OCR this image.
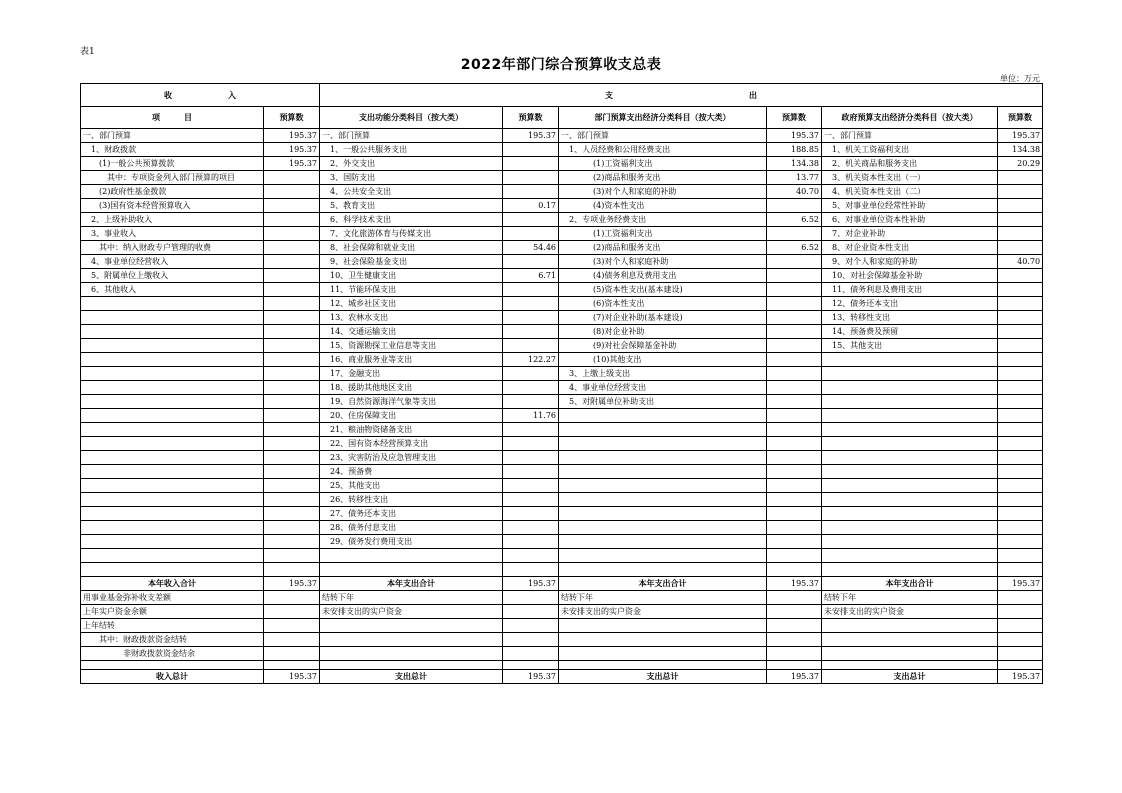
表1
2022年部门综合预算收支总表
单位：万元
收　　　　　　　入		支　　　　　　　　　　　　　　　　　出					
项　　　目	预算数	支出功能分类科目（按大类）	预算数	部门预算支出经济分类科目（按大类）	预算数	政府预算支出经济分类科目（按大类）	预算数
一、部门预算	195.37	一、部门预算	195.37	一、部门预算	195.37	一、部门预算	195.37
　1、财政拨款	195.37	　1、一般公共服务支出		　1、人员经费和公用经费支出	188.85	　1、机关工资福利支出	134.38
　　(1)一般公共预算拨款	195.37	　2、外交支出		　　　　(1)工资福利支出	134.38	　2、机关商品和服务支出	20.29
　　　其中：专项资金列入部门预算的项目		　3、国防支出		　　　　(2)商品和服务支出	13.77	　3、机关资本性支出（一）	
　　(2)政府性基金拨款		　4、公共安全支出		　　　　(3)对个人和家庭的补助	40.70	　4、机关资本性支出（二）	
　　(3)国有资本经营预算收入		　5、教育支出	0.17	　　　　(4)资本性支出		　5、对事业单位经常性补助	
　2、上级补助收入		　6、科学技术支出		　2、专项业务经费支出	6.52	　6、对事业单位资本性补助	
　3、事业收入		　7、文化旅游体育与传媒支出		　　　　(1)工资福利支出		　7、对企业补助	
　　其中：纳入财政专户管理的收费		　8、社会保障和就业支出	54.46	　　　　(2)商品和服务支出	6.52	　8、对企业资本性支出	
　4、事业单位经营收入		　9、社会保险基金支出		　　　　(3)对个人和家庭补助		　9、对个人和家庭的补助	40.70
　5、附属单位上缴收入		　10、卫生健康支出	6.71	　　　　(4)债务利息及费用支出		　10、对社会保障基金补助	
　6、其他收入		　11、节能环保支出		　　　　(5)资本性支出(基本建设)		　11、债务利息及费用支出	
		　12、城乡社区支出		　　　　(6)资本性支出		　12、债务还本支出	
		　13、农林水支出		　　　　(7)对企业补助(基本建设)		　13、转移性支出	
		　14、交通运输支出		　　　　(8)对企业补助		　14、预备费及预留	
		　15、资源勘探工业信息等支出		　　　　(9)对社会保障基金补助		　15、其他支出	
		　16、商业服务业等支出	122.27	　　　　(10)其他支出			
		　17、金融支出		　3、上缴上级支出			
		　18、援助其他地区支出		　4、事业单位经营支出			
		　19、自然资源海洋气象等支出		　5、对附属单位补助支出			
		　20、住房保障支出	11.76				
		　21、粮油物资储备支出					
		　22、国有资本经营预算支出					
		　23、灾害防治及应急管理支出					
		　24、预备费					
		　25、其他支出					
		　26、转移性支出					
		　27、债务还本支出					
		　28、债务付息支出					
		　29、债务发行费用支出					

本年收入合计	195.37	本年支出合计	195.37	本年支出合计	195.37	本年支出合计	195.37
用事业基金弥补收支差额		结转下年		结转下年		结转下年	
上年实户资金余额		未安排支出的实户资金		未安排支出的实户资金		未安排支出的实户资金	
上年结转							
　　其中：财政拨款资金结转							
　　　　　非财政拨款资金结余							

收入总计	195.37	支出总计	195.37	支出总计	195.37	支出总计	195.37
